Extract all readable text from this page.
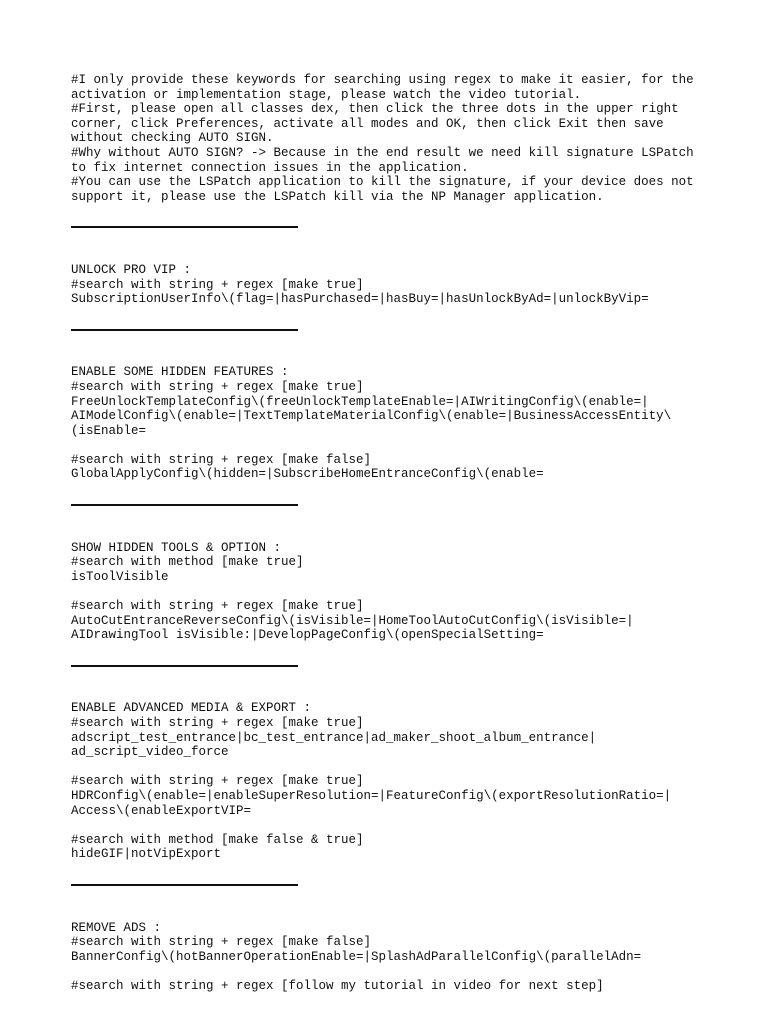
#I only provide these keywords for searching using regex to make it easier, for the
activation or implementation stage, please watch the video tutorial.
#First, please open all classes dex, then click the three dots in the upper right
corner, click Preferences, activate all modes and OK, then click Exit then save
without checking AUTO SIGN.
#Why without AUTO SIGN? -> Because in the end result we need kill signature LSPatch
to fix internet connection issues in the application.
#You can use the LSPatch application to kill the signature, if your device does not
support it, please use the LSPatch kill via the NP Manager application.
UNLOCK PRO VIP :
#search with string + regex [make true]
SubscriptionUserInfo\(flag=|hasPurchased=|hasBuy=|hasUnlockByAd=|unlockByVip=
ENABLE SOME HIDDEN FEATURES :
#search with string + regex [make true]
FreeUnlockTemplateConfig\(freeUnlockTemplateEnable=|AIWritingConfig\(enable=|
AIModelConfig\(enable=|TextTemplateMaterialConfig\(enable=|BusinessAccessEntity\
(isEnable=
#search with string + regex [make false]
GlobalApplyConfig\(hidden=|SubscribeHomeEntranceConfig\(enable=
SHOW HIDDEN TOOLS & OPTION :
#search with method [make true]
isToolVisible
#search with string + regex [make true]
AutoCutEntranceReverseConfig\(isVisible=|HomeToolAutoCutConfig\(isVisible=|
AIDrawingTool isVisible:|DevelopPageConfig\(openSpecialSetting=
ENABLE ADVANCED MEDIA & EXPORT :
#search with string + regex [make true]
adscript_test_entrance|bc_test_entrance|ad_maker_shoot_album_entrance|
ad_script_video_force
#search with string + regex [make true]
HDRConfig\(enable=|enableSuperResolution=|FeatureConfig\(exportResolutionRatio=|
Access\(enableExportVIP=
#search with method [make false & true]
hideGIF|notVipExport
REMOVE ADS :
#search with string + regex [make false]
BannerConfig\(hotBannerOperationEnable=|SplashAdParallelConfig\(parallelAdn=
#search with string + regex [follow my tutorial in video for next step]
